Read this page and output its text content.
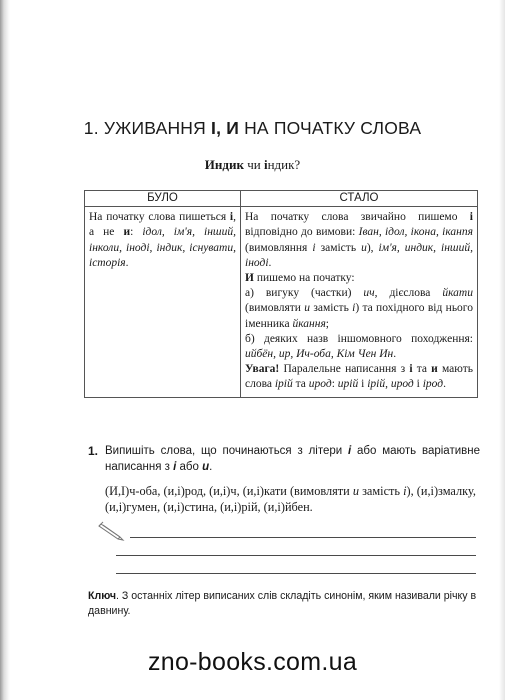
1. УЖИВАННЯ І, И НА ПОЧАТКУ СЛОВА
Индик чи індик?
БУЛО	СТАЛО
На початку слова пишеться і, а не и: ідол, ім'я, інший, інколи, іноді, індик, існувати, історія.	На початку слова звичайно пишемо і відповідно до вимови: Іван, ідол, ікона, іканпя (вимовляння і замість и), ім'я, индик, інший, іноді.
И пишемо на початку:
а) вигуку (частки) ич, дієслова йкати (вимовляти и замість і) та похідного від нього іменника йкання;
б) деяких назв іншомовного походження: ийбён, ир, Ич-оба, Кім Чен Ин.
Увага! Паралельне написання з і та и мають слова ірій та ирод: ирій і ірій, ирод і ірод.
1. Випишіть слова, що починаються з літери і або мають варіативне написання з і або и.
(И,І)ч-оба, (и,і)род, (и,і)ч, (и,і)кати (вимовляти и замість і), (и,і)змалку, (и,і)гумен, (и,і)стина, (и,і)рій, (и,і)йбен.
Ключ. З останніх літер виписаних слів складіть синонім, яким називали річку в давнину.
zno-books.com.ua
